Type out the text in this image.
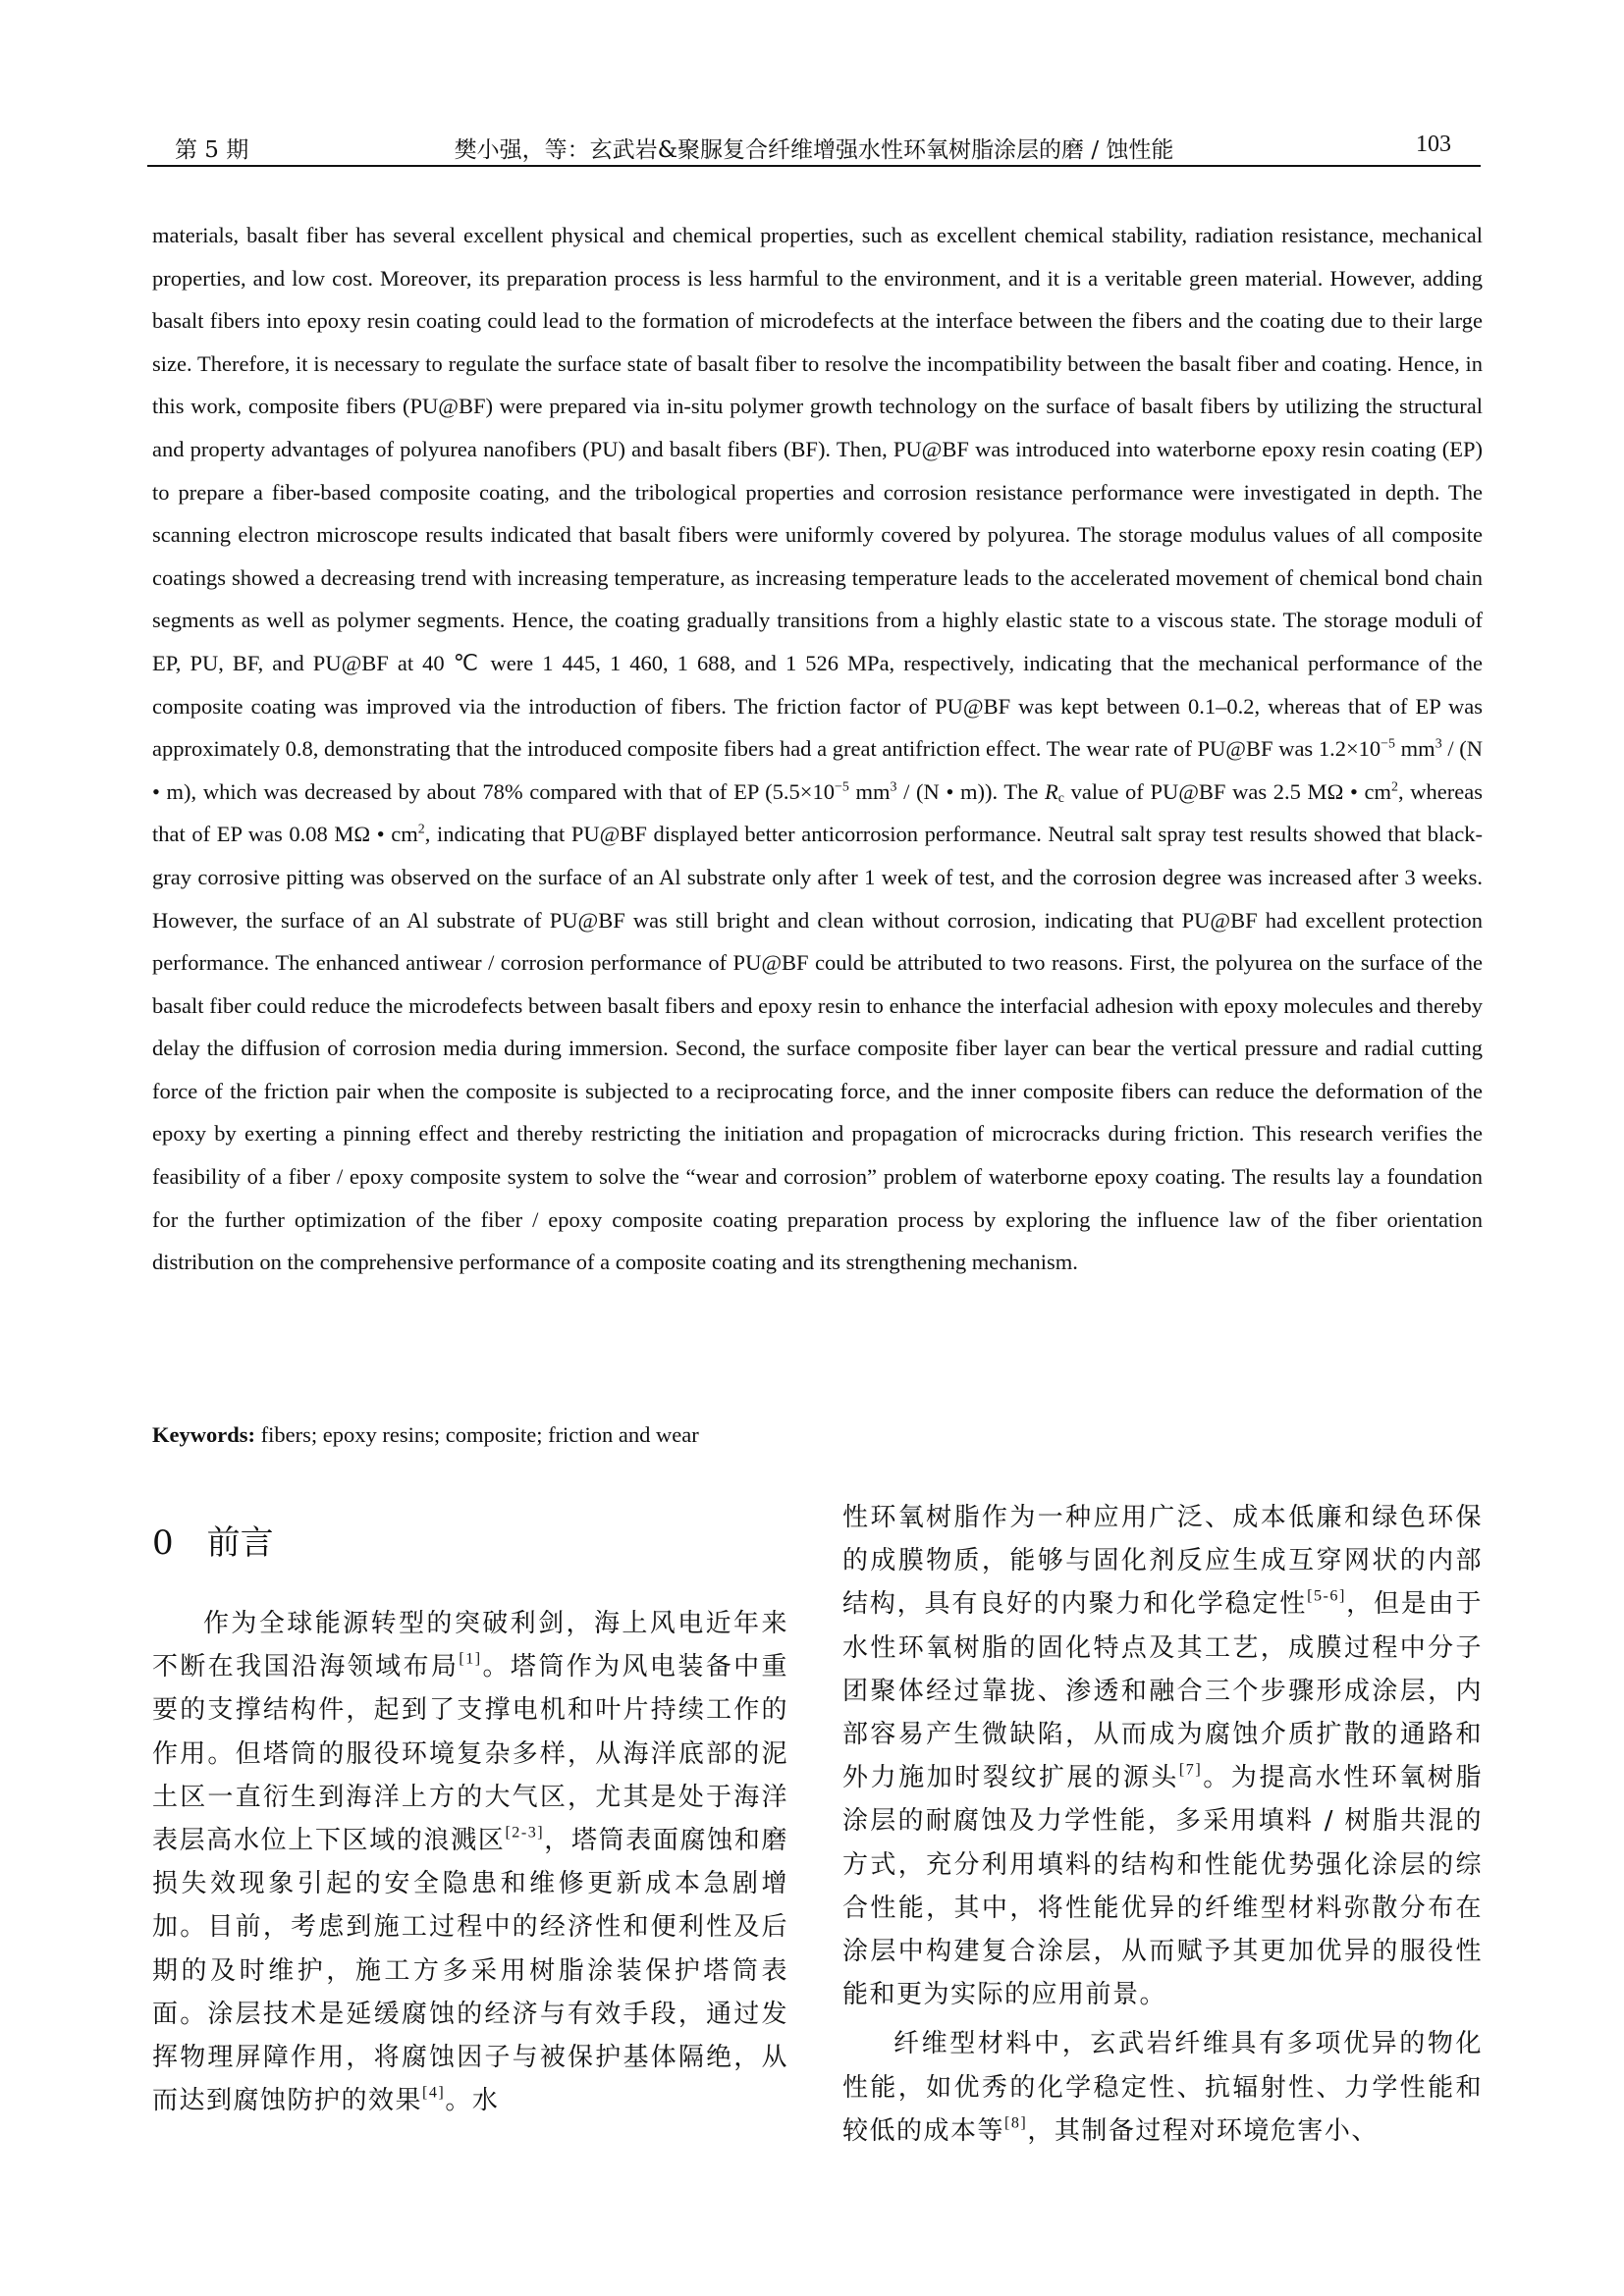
第 5 期	樊小强，等：玄武岩&聚脲复合纤维增强水性环氧树脂涂层的磨 / 蚀性能	103
materials, basalt fiber has several excellent physical and chemical properties, such as excellent chemical stability, radiation resistance, mechanical properties, and low cost. Moreover, its preparation process is less harmful to the environment, and it is a veritable green material. However, adding basalt fibers into epoxy resin coating could lead to the formation of microdefects at the interface between the fibers and the coating due to their large size. Therefore, it is necessary to regulate the surface state of basalt fiber to resolve the incompatibility between the basalt fiber and coating. Hence, in this work, composite fibers (PU@BF) were prepared via in-situ polymer growth technology on the surface of basalt fibers by utilizing the structural and property advantages of polyurea nanofibers (PU) and basalt fibers (BF). Then, PU@BF was introduced into waterborne epoxy resin coating (EP) to prepare a fiber-based composite coating, and the tribological properties and corrosion resistance performance were investigated in depth. The scanning electron microscope results indicated that basalt fibers were uniformly covered by polyurea. The storage modulus values of all composite coatings showed a decreasing trend with increasing temperature, as increasing temperature leads to the accelerated movement of chemical bond chain segments as well as polymer segments. Hence, the coating gradually transitions from a highly elastic state to a viscous state. The storage moduli of EP, PU, BF, and PU@BF at 40 ℃ were 1 445, 1 460, 1 688, and 1 526 MPa, respectively, indicating that the mechanical performance of the composite coating was improved via the introduction of fibers. The friction factor of PU@BF was kept between 0.1–0.2, whereas that of EP was approximately 0.8, demonstrating that the introduced composite fibers had a great antifriction effect. The wear rate of PU@BF was $1.2\times 10^{-5}$ $mm^3 / (N$ • m), which was decreased by about 78% compared with that of EP ($5.5\times 10^{-5}$ $mm^3 / (N$ • m)). The $R_c$ value of PU@BF was 2.5 MΩ • $cm^2$, whereas that of EP was 0.08 MΩ • $cm^2$, indicating that PU@BF displayed better anticorrosion performance. Neutral salt spray test results showed that black-gray corrosive pitting was observed on the surface of an Al substrate only after 1 week of test, and the corrosion degree was increased after 3 weeks. However, the surface of an Al substrate of PU@BF was still bright and clean without corrosion, indicating that PU@BF had excellent protection performance. The enhanced antiwear / corrosion performance of PU@BF could be attributed to two reasons. First, the polyurea on the surface of the basalt fiber could reduce the microdefects between basalt fibers and epoxy resin to enhance the interfacial adhesion with epoxy molecules and thereby delay the diffusion of corrosion media during immersion. Second, the surface composite fiber layer can bear the vertical pressure and radial cutting force of the friction pair when the composite is subjected to a reciprocating force, and the inner composite fibers can reduce the deformation of the epoxy by exerting a pinning effect and thereby restricting the initiation and propagation of microcracks during friction. This research verifies the feasibility of a fiber / epoxy composite system to solve the “wear and corrosion” problem of waterborne epoxy coating. The results lay a foundation for the further optimization of the fiber / epoxy composite coating preparation process by exploring the influence law of the fiber orientation distribution on the comprehensive performance of a composite coating and its strengthening mechanism.
Keywords: fibers; epoxy resins; composite; friction and wear
0 前言

作为全球能源转型的突破利剑，海上风电近年来不断在我国沿海领域布局[1]。塔筒作为风电装备中重要的支撑结构件，起到了支撑电机和叶片持续工作的作用。但塔筒的服役环境复杂多样，从海洋底部的泥土区一直衍生到海洋上方的大气区，尤其是处于海洋表层高水位上下区域的浪溅区[2-3]，塔筒表面腐蚀和磨损失效现象引起的安全隐患和维修更新成本急剧增加。目前，考虑到施工过程中的经济性和便利性及后期的及时维护，施工方多采用树脂涂装保护塔筒表面。涂层技术是延缓腐蚀的经济与有效手段，通过发挥物理屏障作用，将腐蚀因子与被保护基体隔绝，从而达到腐蚀防护的效果[4]。水

性环氧树脂作为一种应用广泛、成本低廉和绿色环保的成膜物质，能够与固化剂反应生成互穿网状的内部结构，具有良好的内聚力和化学稳定性[5-6]，但是由于水性环氧树脂的固化特点及其工艺，成膜过程中分子团聚体经过靠拢、渗透和融合三个步骤形成涂层，内部容易产生微缺陷，从而成为腐蚀介质扩散的通路和外力施加时裂纹扩展的源头[7]。为提高水性环氧树脂涂层的耐腐蚀及力学性能，多采用填料 / 树脂共混的方式，充分利用填料的结构和性能优势强化涂层的综合性能，其中，将性能优异的纤维型材料弥散分布在涂层中构建复合涂层，从而赋予其更加优异的服役性能和更为实际的应用前景。

纤维型材料中，玄武岩纤维具有多项优异的物化性能，如优秀的化学稳定性、抗辐射性、力学性能和较低的成本等[8]，其制备过程对环境危害小、
